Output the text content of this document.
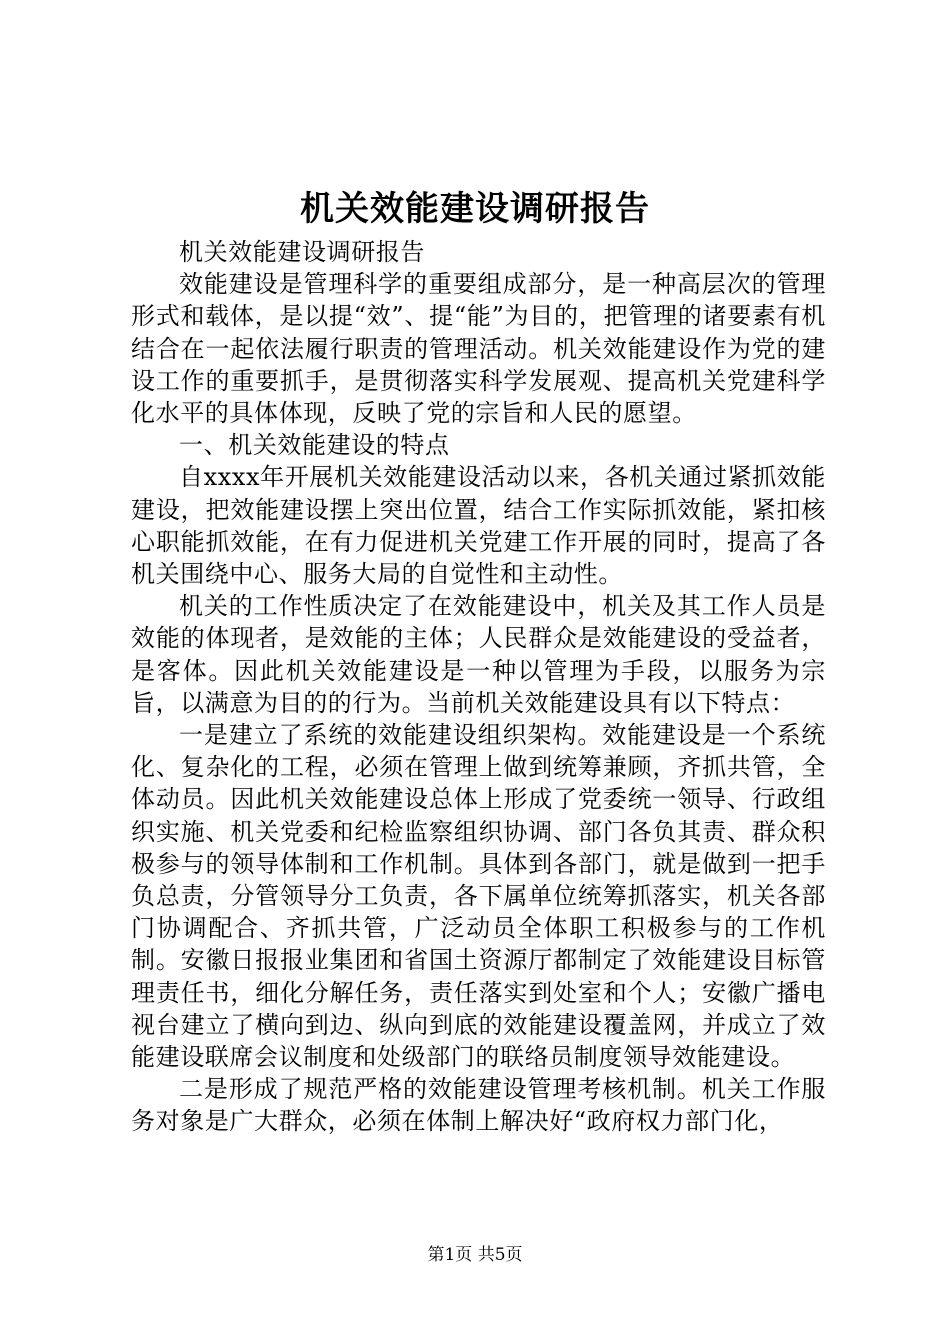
机关效能建设调研报告

机关效能建设调研报告

效能建设是管理科学的重要组成部分，是一种高层次的管理形式和载体，是以提“效”、提“能”为目的，把管理的诸要素有机结合在一起依法履行职责的管理活动。机关效能建设作为党的建设工作的重要抓手，是贯彻落实科学发展观、提高机关党建科学化水平的具体体现，反映了党的宗旨和人民的愿望。

一、机关效能建设的特点

自xxxx年开展机关效能建设活动以来，各机关通过紧抓效能建设，把效能建设摆上突出位置，结合工作实际抓效能，紧扣核心职能抓效能，在有力促进机关党建工作开展的同时，提高了各机关围绕中心、服务大局的自觉性和主动性。

机关的工作性质决定了在效能建设中，机关及其工作人员是效能的体现者，是效能的主体；人民群众是效能建设的受益者，是客体。因此机关效能建设是一种以管理为手段，以服务为宗旨，以满意为目的的行为。当前机关效能建设具有以下特点：

一是建立了系统的效能建设组织架构。效能建设是一个系统化、复杂化的工程，必须在管理上做到统筹兼顾，齐抓共管，全体动员。因此机关效能建设总体上形成了党委统一领导、行政组织实施、机关党委和纪检监察组织协调、部门各负其责、群众积极参与的领导体制和工作机制。具体到各部门，就是做到一把手负总责，分管领导分工负责，各下属单位统筹抓落实，机关各部门协调配合、齐抓共管，广泛动员全体职工积极参与的工作机制。安徽日报报业集团和省国土资源厅都制定了效能建设目标管理责任书，细化分解任务，责任落实到处室和个人；安徽广播电视台建立了横向到边、纵向到底的效能建设覆盖网，并成立了效能建设联席会议制度和处级部门的联络员制度领导效能建设。

二是形成了规范严格的效能建设管理考核机制。机关工作服务对象是广大群众，必须在体制上解决好“政府权力部门化，

第1页 共5页
